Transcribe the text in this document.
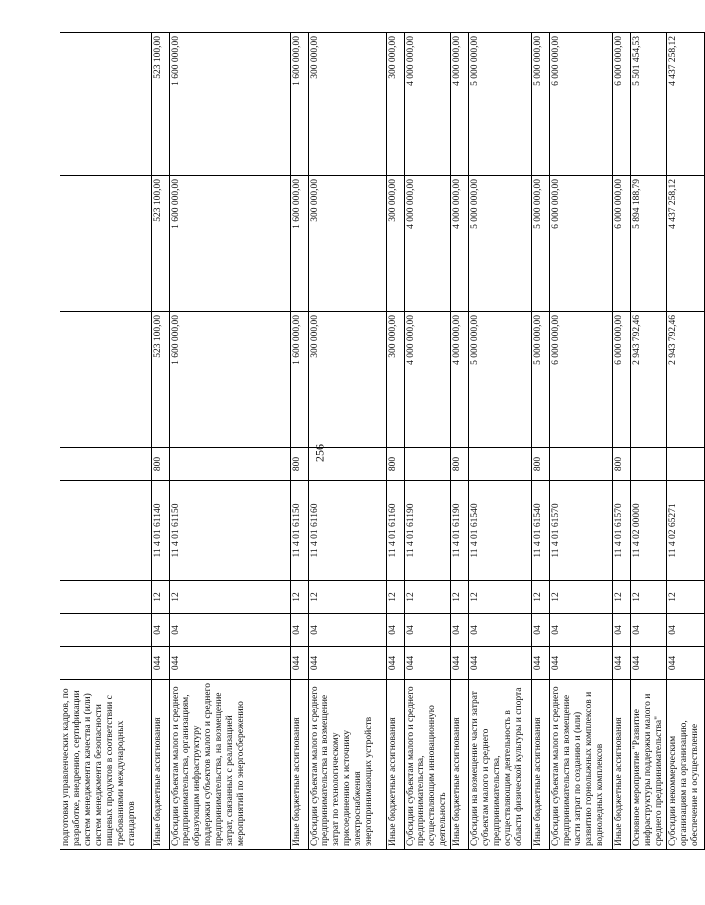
256
подготовки управленческих кадров, по разработке, внедрению, сертификации систем менеджмента качества и (или) систем менеджмента безопасности пищевых продуктов в соответствии с требованиями международных стандартов								
Иные бюджетные ассигнования	044	04	12	11 4 01 61140	800	523 100,00	523 100,00	523 100,00
Субсидии субъектам малого и среднего предпринимательства, организациям, образующим инфраструктуру поддержки субъектов малого и среднего предпринимательства, на возмещение затрат, связанных с реализацией мероприятий по энергосбережению	044	04	12	11 4 01 61150		1 600 000,00	1 600 000,00	1 600 000,00
Иные бюджетные ассигнования	044	04	12	11 4 01 61150	800	1 600 000,00	1 600 000,00	1 600 000,00
Субсидии субъектам малого и среднего предпринимательства на возмещение затрат по технологическому присоединению к источнику электроснабжения энергопринимающих устройств	044	04	12	11 4 01 61160		300 000,00	300 000,00	300 000,00
Иные бюджетные ассигнования	044	04	12	11 4 01 61160	800	300 000,00	300 000,00	300 000,00
Субсидии субъектам малого и среднего предпринимательства, осуществляющим инновационную деятельность	044	04	12	11 4 01 61190		4 000 000,00	4 000 000,00	4 000 000,00
Иные бюджетные ассигнования	044	04	12	11 4 01 61190	800	4 000 000,00	4 000 000,00	4 000 000,00
Субсидии на возмещение части затрат субъектам малого и среднего предпринимательства, осуществляющим деятельность в области физической культуры и спорта	044	04	12	11 4 01 61540		5 000 000,00	5 000 000,00	5 000 000,00
Иные бюджетные ассигнования	044	04	12	11 4 01 61540	800	5 000 000,00	5 000 000,00	5 000 000,00
Субсидии субъектам малого и среднего предпринимательства на возмещение части затрат по созданию и (или) развитию горнолыжных комплексов и водноледных комплексов	044	04	12	11 4 01 61570		6 000 000,00	6 000 000,00	6 000 000,00
Иные бюджетные ассигнования	044	04	12	11 4 01 61570	800	6 000 000,00	6 000 000,00	6 000 000,00
Основное мероприятие "Развитие инфраструктуры поддержки малого и среднего предпринимательства"	044	04	12	11 4 02 00000		2 943 792,46	5 894 188,79	5 501 454,53
Субсидии некоммерческим организациям на организацию, обеспечение и осуществление	044	04	12	11 4 02 65271		2 943 792,46	4 437 258,12	4 437 258,12
